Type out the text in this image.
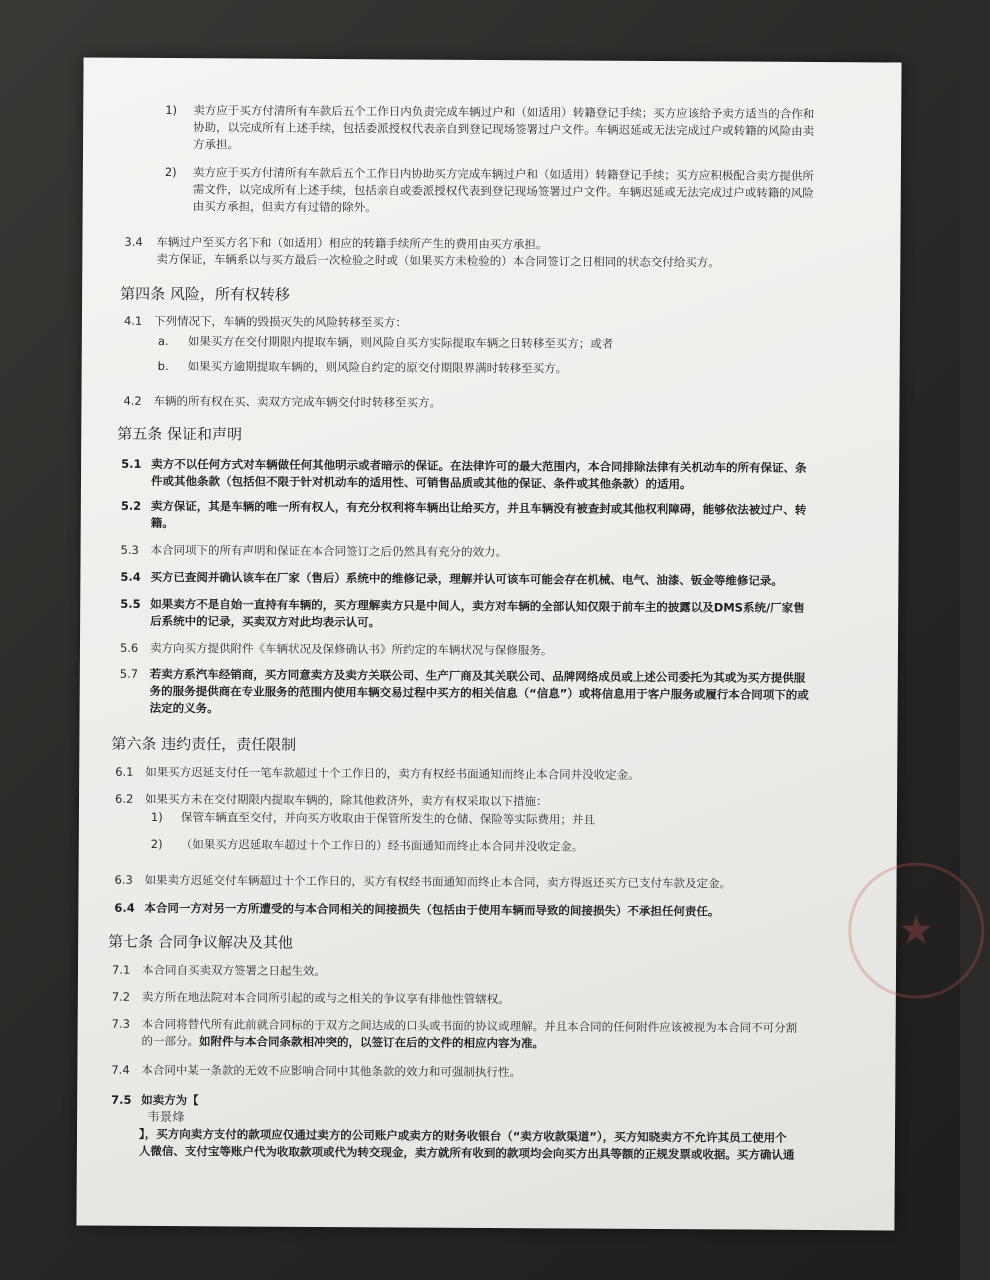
★
1) 卖方应于买方付清所有车款后五个工作日内负责完成车辆过户和（如适用）转籍登记手续；买方应该给予卖方适当的合作和
协助，以完成所有上述手续，包括委派授权代表亲自到登记现场签署过户文件。车辆迟延或无法完成过户或转籍的风险由卖
方承担。
2) 卖方应于买方付清所有车款后五个工作日内协助买方完成车辆过户和（如适用）转籍登记手续；买方应积极配合卖方提供所
需文件，以完成所有上述手续，包括亲自或委派授权代表到登记现场签署过户文件。车辆迟延或无法完成过户或转籍的风险
由买方承担，但卖方有过错的除外。
3.4 车辆过户至买方名下和（如适用）相应的转籍手续所产生的费用由买方承担。
卖方保证，车辆系以与买方最后一次检验之时或（如果买方未检验的）本合同签订之日相同的状态交付给买方。
第四条 风险，所有权转移
4.1 下列情况下，车辆的毁损灭失的风险转移至买方：
a. 如果买方在交付期限内提取车辆，则风险自买方实际提取车辆之日转移至买方；或者
b. 如果买方逾期提取车辆的，则风险自约定的原交付期限界满时转移至买方。
4.2 车辆的所有权在买、卖双方完成车辆交付时转移至买方。
第五条 保证和声明
5.1 卖方不以任何方式对车辆做任何其他明示或者暗示的保证。在法律许可的最大范围内，本合同排除法律有关机动车的所有保证、条
件或其他条款（包括但不限于针对机动车的适用性、可销售品质或其他的保证、条件或其他条款）的适用。
5.2 卖方保证，其是车辆的唯一所有权人，有充分权利将车辆出让给买方，并且车辆没有被查封或其他权利障碍，能够依法被过户、转
籍。
5.3 本合同项下的所有声明和保证在本合同签订之后仍然具有充分的效力。
5.4 买方已查阅并确认该车在厂家（售后）系统中的维修记录，理解并认可该车可能会存在机械、电气、油漆、钣金等维修记录。
5.5 如果卖方不是自始一直持有车辆的，买方理解卖方只是中间人，卖方对车辆的全部认知仅限于前车主的披露以及DMS系统/厂家售
后系统中的记录，买卖双方对此均表示认可。
5.6 卖方向买方提供附件《车辆状况及保修确认书》所约定的车辆状况与保修服务。
5.7 若卖方系汽车经销商，买方同意卖方及卖方关联公司、生产厂商及其关联公司、品牌网络成员或上述公司委托为其或为买方提供服
务的服务提供商在专业服务的范围内使用车辆交易过程中买方的相关信息（“信息”）或将信息用于客户服务或履行本合同项下的或
法定的义务。
第六条 违约责任，责任限制
6.1 如果买方迟延支付任一笔车款超过十个工作日的，卖方有权经书面通知而终止本合同并没收定金。
6.2 如果买方未在交付期限内提取车辆的，除其他救济外，卖方有权采取以下措施：
1) 保管车辆直至交付，并向买方收取由于保管所发生的仓储、保险等实际费用；并且
2) （如果买方迟延取车超过十个工作日的）经书面通知而终止本合同并没收定金。
6.3 如果卖方迟延交付车辆超过十个工作日的，买方有权经书面通知而终止本合同，卖方得返还买方已支付车款及定金。
6.4 本合同一方对另一方所遭受的与本合同相关的间接损失（包括由于使用车辆而导致的间接损失）不承担任何责任。
第七条 合同争议解决及其他
7.1 本合同自买卖双方签署之日起生效。
7.2 卖方所在地法院对本合同所引起的或与之相关的争议享有排他性管辖权。
7.3 本合同将替代所有此前就合同标的于双方之间达成的口头或书面的协议或理解。并且本合同的任何附件应该被视为本合同不可分割
的一部分。如附件与本合同条款相冲突的，以签订在后的文件的相应内容为准。
7.4 本合同中某一条款的无效不应影响合同中其他条款的效力和可强制执行性。
7.5 如卖方为【
韦景烽
】，买方向卖方支付的款项应仅通过卖方的公司账户或卖方的财务收银台（“卖方收款渠道”），买方知晓卖方不允许其员工使用个
人微信、支付宝等账户代为收取款项或代为转交现金，卖方就所有收到的款项均会向买方出具等额的正规发票或收据。买方确认通
